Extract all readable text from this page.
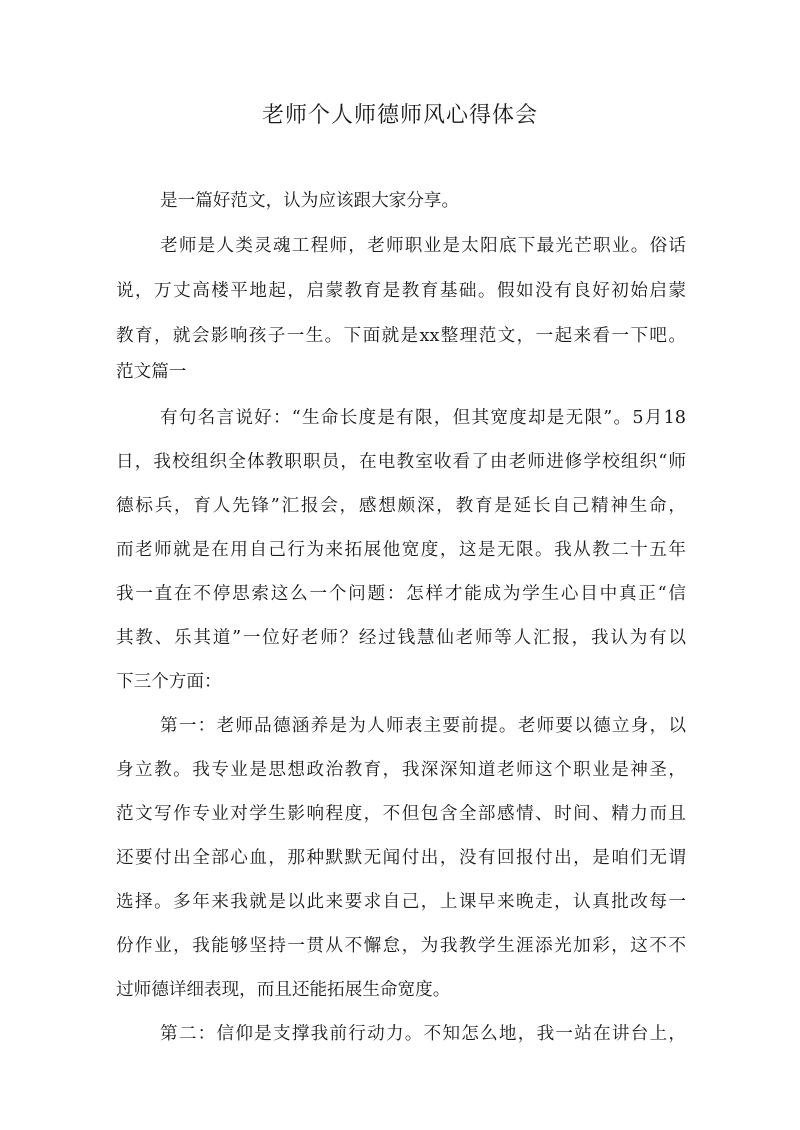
老师个人师德师风心得体会
是一篇好范文，认为应该跟大家分享。
老师是人类灵魂工程师，老师职业是太阳底下最光芒职业。俗话
说，万丈高楼平地起，启蒙教育是教育基础。假如没有良好初始启蒙
教育，就会影响孩子一生。下面就是xx整理范文，一起来看一下吧。
范文篇一
有句名言说好：“生命长度是有限，但其宽度却是无限”。5月18
日，我校组织全体教职职员，在电教室收看了由老师进修学校组织“师
德标兵，育人先锋”汇报会，感想颇深，教育是延长自己精神生命，
而老师就是在用自己行为来拓展他宽度，这是无限。我从教二十五年
我一直在不停思索这么一个问题：怎样才能成为学生心目中真正“信
其教、乐其道”一位好老师？经过钱慧仙老师等人汇报，我认为有以
下三个方面：
第一：老师品德涵养是为人师表主要前提。老师要以德立身，以
身立教。我专业是思想政治教育，我深深知道老师这个职业是神圣，
范文写作专业对学生影响程度，不但包含全部感情、时间、精力而且
还要付出全部心血，那种默默无闻付出，没有回报付出，是咱们无谓
选择。多年来我就是以此来要求自己，上课早来晚走，认真批改每一
份作业，我能够坚持一贯从不懈怠，为我教学生涯添光加彩，这不不
过师德详细表现，而且还能拓展生命宽度。
第二：信仰是支撑我前行动力。不知怎么地，我一站在讲台上，
